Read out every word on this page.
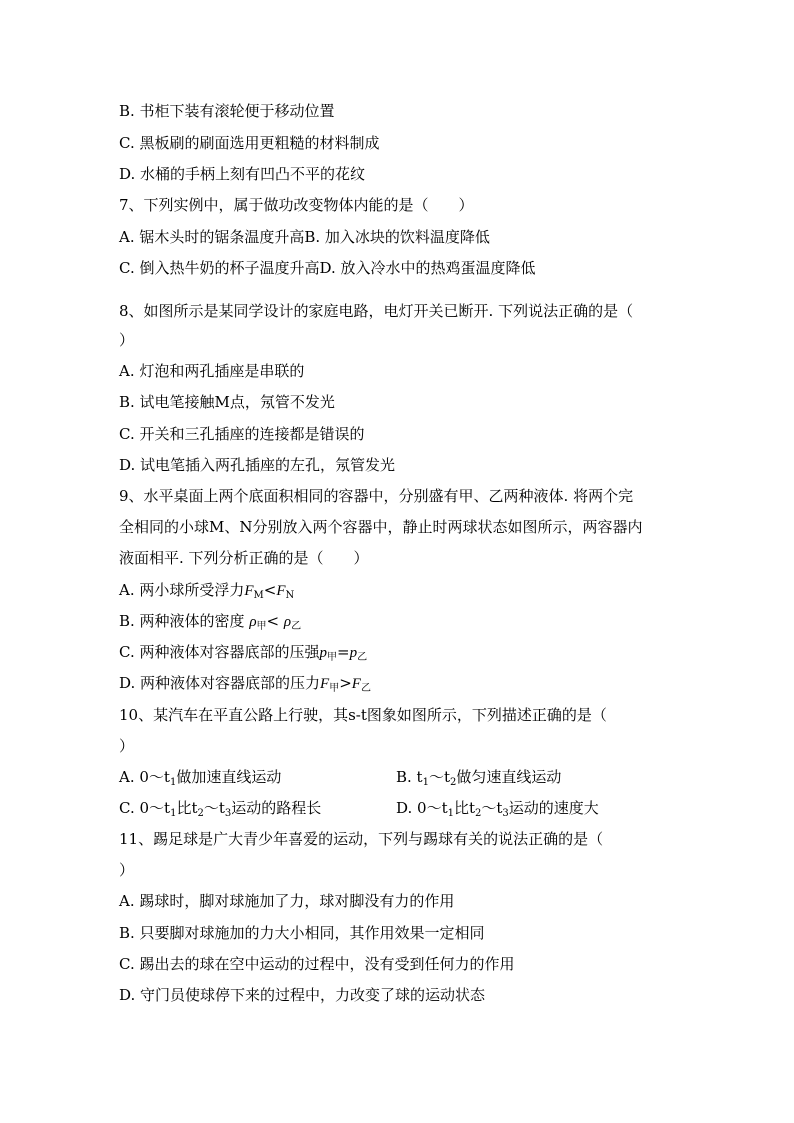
B. 书柜下装有滚轮便于移动位置
C. 黑板刷的刷面选用更粗糙的材料制成
D. 水桶的手柄上刻有凹凸不平的花纹
7、下列实例中，属于做功改变物体内能的是（　　）
A. 锯木头时的锯条温度升高B. 加入冰块的饮料温度降低
C. 倒入热牛奶的杯子温度升高D. 放入冷水中的热鸡蛋温度降低
8、如图所示是某同学设计的家庭电路，电灯开关已断开. 下列说法正确的是（
）
A. 灯泡和两孔插座是串联的
B. 试电笔接触M点，氖管不发光
C. 开关和三孔插座的连接都是错误的
D. 试电笔插入两孔插座的左孔，氖管发光
9、水平桌面上两个底面积相同的容器中，分别盛有甲、乙两种液体. 将两个完
全相同的小球M、N分别放入两个容器中，静止时两球状态如图所示，两容器内
液面相平. 下列分析正确的是（　　）
A. 两小球所受浮力$F_M<F_N$
B. 两种液体的密度 $\rho_甲< \rho_乙$
C. 两种液体对容器底部的压强$p_甲=p_乙$
D. 两种液体对容器底部的压力$F_甲>F_乙$
10、某汽车在平直公路上行驶，其s-t图象如图所示，下列描述正确的是（
）
A. $0\sim t_1$做加速直线运动	B. $t_1\sim t_2$做匀速直线运动
C. $0\sim t_1$比$t_2\sim t_3$运动的路程长	D. $0\sim t_1$比$t_2\sim t_3$运动的速度大
11、踢足球是广大青少年喜爱的运动，下列与踢球有关的说法正确的是（
）
A. 踢球时，脚对球施加了力，球对脚没有力的作用
B. 只要脚对球施加的力大小相同，其作用效果一定相同
C. 踢出去的球在空中运动的过程中，没有受到任何力的作用
D. 守门员使球停下来的过程中，力改变了球的运动状态
